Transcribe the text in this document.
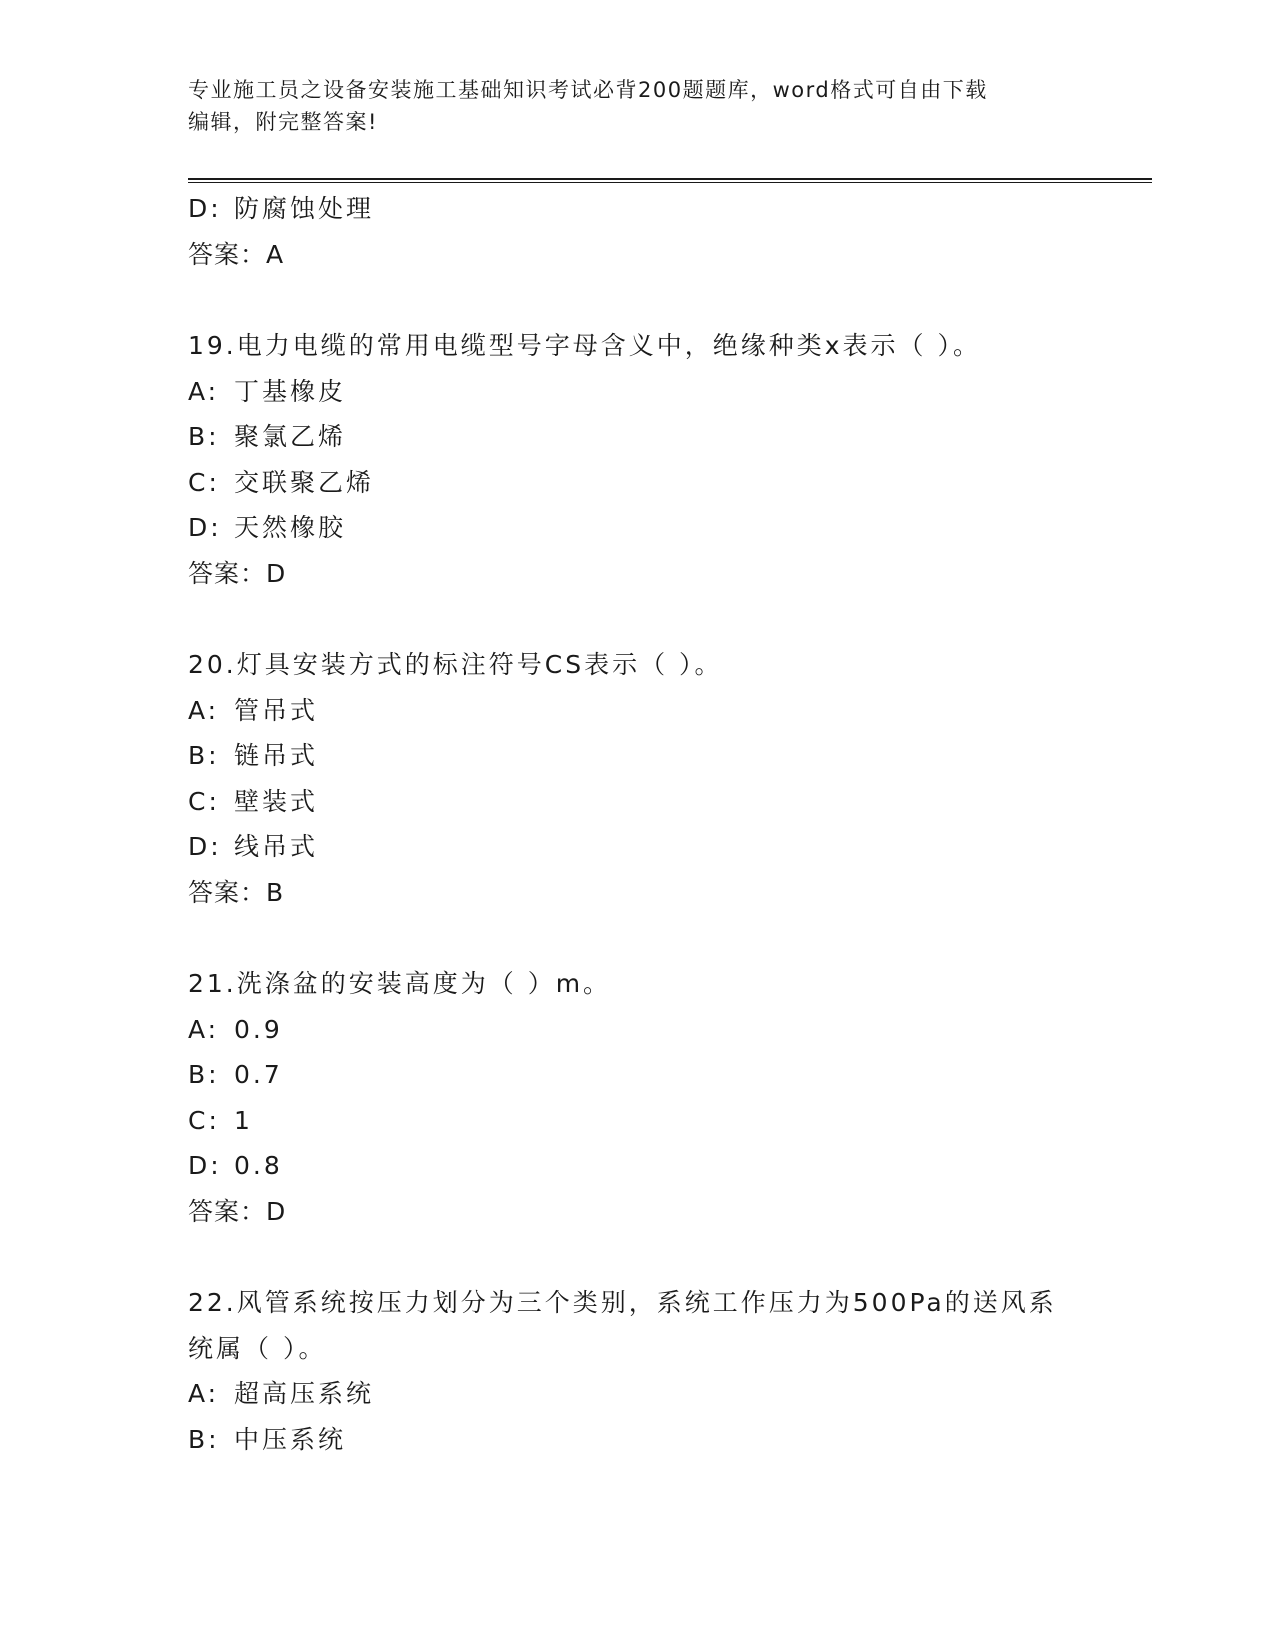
专业施工员之设备安装施工基础知识考试必背200题题库，word格式可自由下载
编辑，附完整答案!
D: 防腐蚀处理
答案：A
19.电力电缆的常用电缆型号字母含义中，绝缘种类x表示（ ）。
A: 丁基橡皮
B: 聚氯乙烯
C: 交联聚乙烯
D: 天然橡胶
答案：D
20.灯具安装方式的标注符号CS表示（ ）。
A: 管吊式
B: 链吊式
C: 壁装式
D: 线吊式
答案：B
21.洗涤盆的安装高度为（ ）m。
A: 0.9
B: 0.7
C: 1
D: 0.8
答案：D
22.风管系统按压力划分为三个类别，系统工作压力为500Pa的送风系
统属（ ）。
A: 超高压系统
B: 中压系统
